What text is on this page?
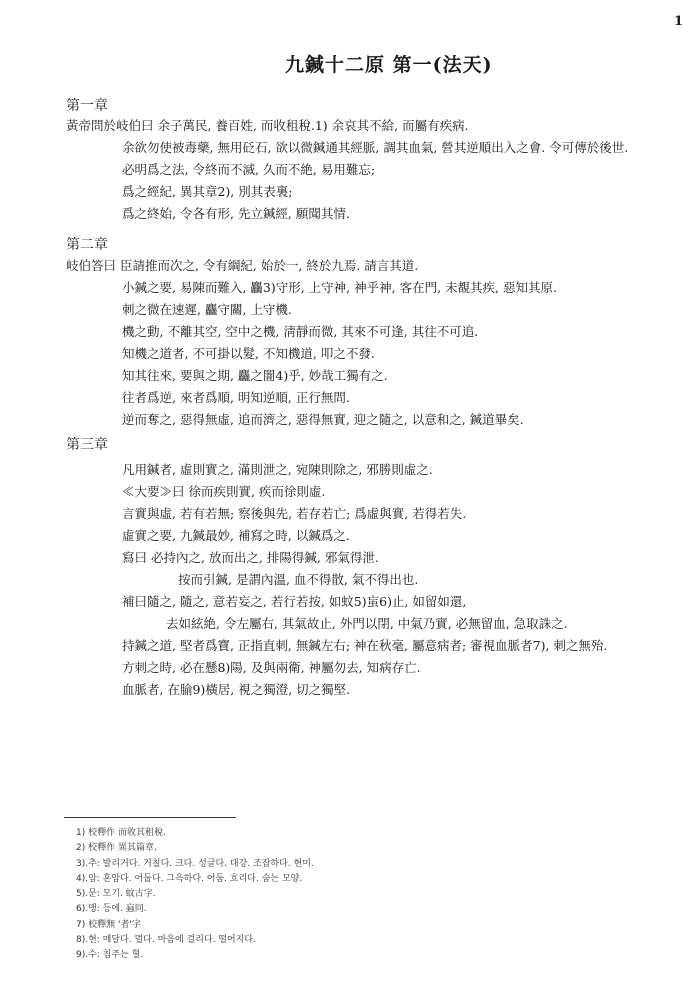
1
九鍼十二原 第一(法天)
第一章
黃帝問於岐伯曰 余子萬民, 養百姓, 而收租稅.1) 余哀其不給, 而屬有疾病.
余欲勿使被毒藥, 無用砭石, 欲以微鍼通其經脈, 調其血氣, 營其逆順出入之會. 令可傳於後世.
必明爲之法, 令終而不滅, 久而不絶, 易用難忘;
爲之經紀, 異其章2), 別其表裏;
爲之終始, 令各有形, 先立鍼經, 願聞其情.
第二章
岐伯答曰 臣請推而次之, 令有綱紀, 始於一, 終於九焉. 請言其道.
小鍼之要, 易陳而難入, 麤3)守形, 上守神, 神乎神, 客在門, 未覩其疾, 惡知其原.
刺之微在速遲, 麤守關, 上守機.
機之動, 不離其空, 空中之機, 淸靜而微, 其來不可逢, 其往不可追.
知機之道者, 不可掛以髮, 不知機道, 叩之不發.
知其往來, 要與之期, 麤之闇4)乎, 妙哉工獨有之.
往者爲逆, 來者爲順, 明知逆順, 正行無問.
逆而奪之, 惡得無虛, 追而濟之, 惡得無實, 迎之隨之, 以意和之, 鍼道畢矣.
第三章
凡用鍼者, 虛則實之, 滿則泄之, 宛陳則除之, 邪勝則虛之.
≪大要≫曰 徐而疾則實, 疾而徐則虛.
言實與虛, 若有若無; 察後與先, 若存若亡; 爲虛與實, 若得若失.
虛實之要, 九鍼最妙, 補寫之時, 以鍼爲之.
寫曰 必持內之, 放而出之, 排陽得鍼, 邪氣得泄.
按而引鍼, 是謂內溫, 血不得散, 氣不得出也.
補曰隨之, 隨之, 意若妄之, 若行若按, 如蚊5)䖟6)止, 如留如還,
去如絃絶, 令左屬右, 其氣故止, 外門以閉, 中氣乃實, 必無留血, 急取誅之.
持鍼之道, 堅者爲寶, 正指直刺, 無鍼左右; 神在秋毫, 屬意病者; 審視血脈者7), 刺之無殆.
方刺之時, 必在懸8)陽, 及與兩衛, 神屬勿去, 知病存亡.
血脈者, 在腧9)橫居, 視之獨澄, 切之獨堅.
1) 校釋作 而收其租稅.
2) 校釋作 異其篇章.
3).추: 발리거다. 거칠다. 크다. 성글다. 대강. 조잡하다. 현미.
4).암: 혼암다. 어둡다. 그윽하다. 어둠. 흐리다. 숨는 모양.
5).문: 모기. 蚊古字.
6).맹: 등에. 蝱同.
7) 校釋無 '者'字
8).현: 매달다. 멀다. 마음에 걸리다. 떨어지다.
9).수: 침주는 혈.
